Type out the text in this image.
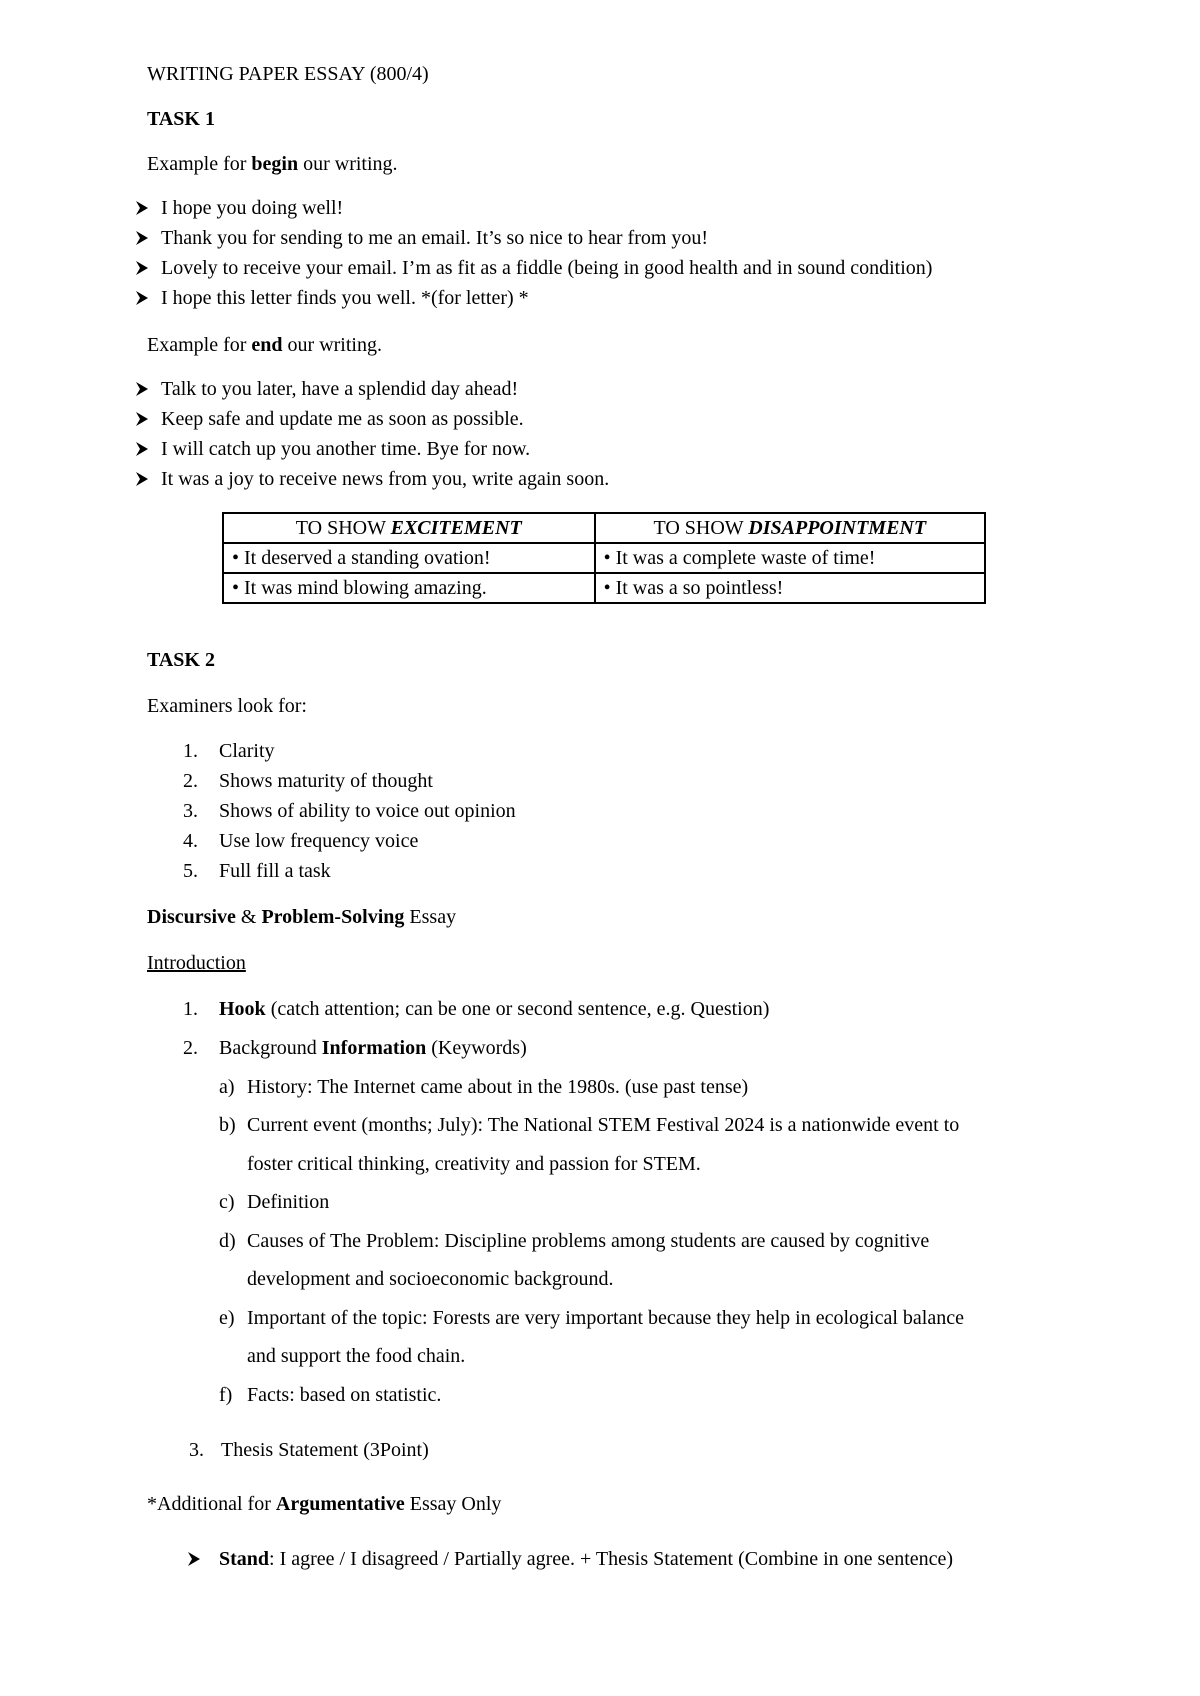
WRITING PAPER ESSAY (800/4)
TASK 1
Example for begin our writing.
I hope you doing well!
Thank you for sending to me an email. It’s so nice to hear from you!
Lovely to receive your email. I’m as fit as a fiddle (being in good health and in sound condition)
I hope this letter finds you well. *(for letter) *
Example for end our writing.
Talk to you later, have a splendid day ahead!
Keep safe and update me as soon as possible.
I will catch up you another time. Bye for now.
It was a joy to receive news from you, write again soon.
TO SHOW EXCITEMENT	TO SHOW DISAPPOINTMENT
• It deserved a standing ovation!	• It was a complete waste of time!
• It was mind blowing amazing.	• It was a so pointless!
TASK 2
Examiners look for:
1. Clarity
2. Shows maturity of thought
3. Shows of ability to voice out opinion
4. Use low frequency voice
5. Full fill a task
Discursive & Problem-Solving Essay
Introduction
1. Hook (catch attention; can be one or second sentence, e.g. Question)
2. Background Information (Keywords)
a) History: The Internet came about in the 1980s. (use past tense)
b) Current event (months; July): The National STEM Festival 2024 is a nationwide event to
foster critical thinking, creativity and passion for STEM.
c) Definition
d) Causes of The Problem: Discipline problems among students are caused by cognitive
development and socioeconomic background.
e) Important of the topic: Forests are very important because they help in ecological balance
and support the food chain.
f) Facts: based on statistic.
3. Thesis Statement (3Point)
*Additional for Argumentative Essay Only
Stand: I agree / I disagreed / Partially agree. + Thesis Statement (Combine in one sentence)
